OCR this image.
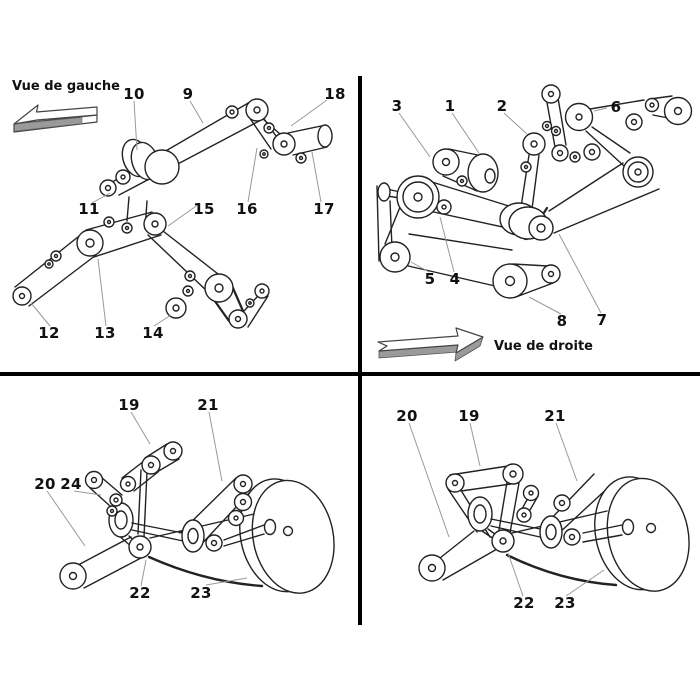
Vue de gauche
Vue de droite
10	9	18
11	15 16	17
12 13 14
3	1	2	6
5 4
8 7
19	21
20 24
22	23
20	19	21
22 23
